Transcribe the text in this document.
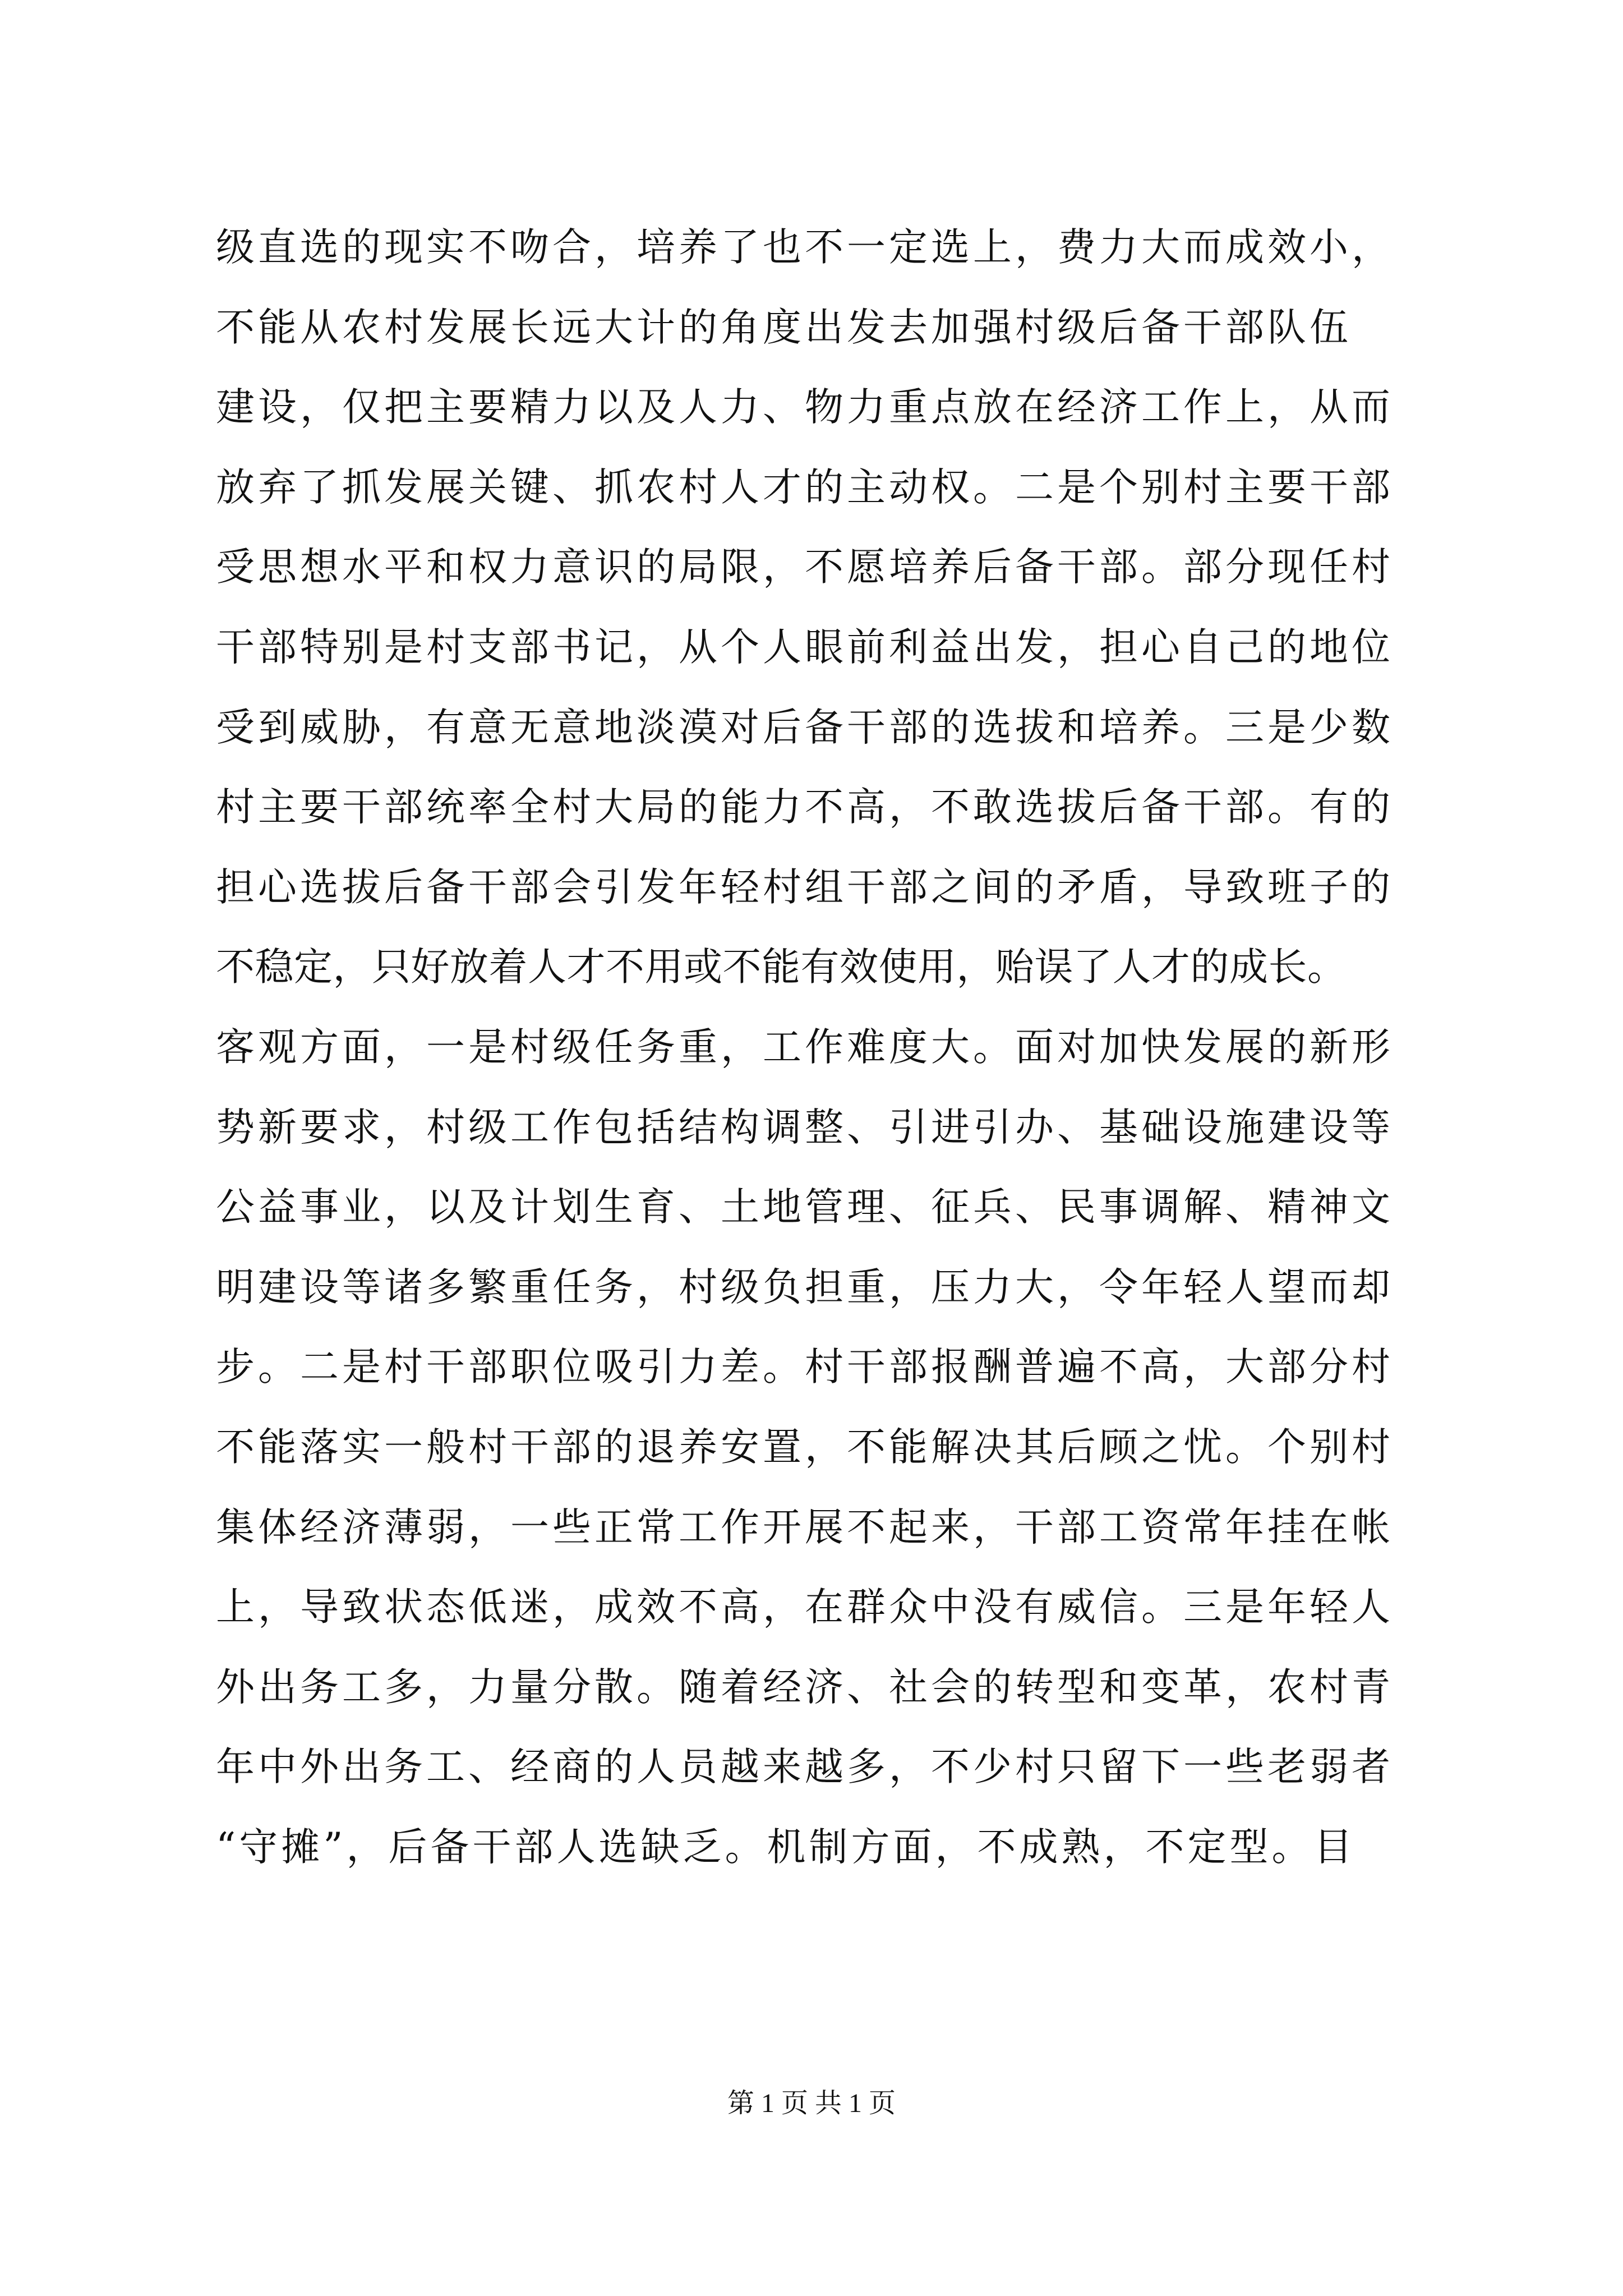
级直选的现实不吻合，培养了也不一定选上，费力大而成效小，
不能从农村发展长远大计的角度出发去加强村级后备干部队伍
建设，仅把主要精力以及人力、物力重点放在经济工作上，从而
放弃了抓发展关键、抓农村人才的主动权。二是个别村主要干部
受思想水平和权力意识的局限，不愿培养后备干部。部分现任村
干部特别是村支部书记，从个人眼前利益出发，担心自己的地位
受到威胁，有意无意地淡漠对后备干部的选拔和培养。三是少数
村主要干部统率全村大局的能力不高，不敢选拔后备干部。有的
担心选拔后备干部会引发年轻村组干部之间的矛盾，导致班子的
不稳定，只好放着人才不用或不能有效使用，贻误了人才的成长。
客观方面，一是村级任务重，工作难度大。面对加快发展的新形
势新要求，村级工作包括结构调整、引进引办、基础设施建设等
公益事业，以及计划生育、土地管理、征兵、民事调解、精神文
明建设等诸多繁重任务，村级负担重，压力大，令年轻人望而却
步。二是村干部职位吸引力差。村干部报酬普遍不高，大部分村
不能落实一般村干部的退养安置，不能解决其后顾之忧。个别村
集体经济薄弱，一些正常工作开展不起来，干部工资常年挂在帐
上，导致状态低迷，成效不高，在群众中没有威信。三是年轻人
外出务工多，力量分散。随着经济、社会的转型和变革，农村青
年中外出务工、经商的人员越来越多，不少村只留下一些老弱者
“守摊”，后备干部人选缺乏。机制方面，不成熟，不定型。目
第 1 页 共 1 页
